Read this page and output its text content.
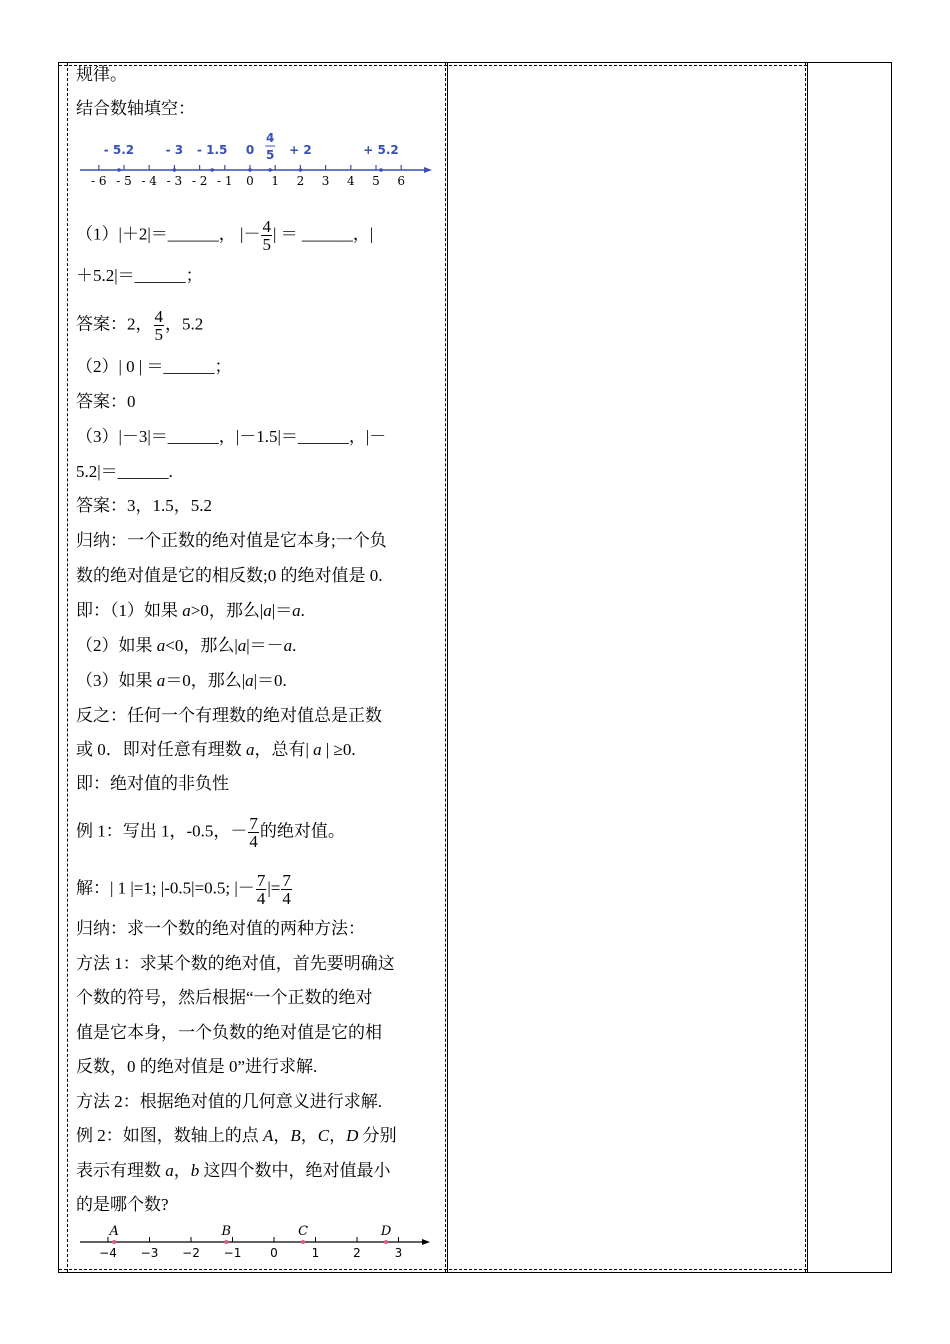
规律。
结合数轴填空：
- 6 - 5 - 4 - 3 - 2 - 1 0 1 2 3 4 5 6
- 5.2	- 3 - 1.5 0	+ 2	+ 5.2
4
5
（1）|＋2|＝______， |－ $\frac{4}{5}$ | ＝ ______，|
＋5.2|＝______；
答案：2， $\frac{4}{5}$ ，5.2
（2）| 0 | ＝______；
答案：0
（3）|－3|＝______，|－1.5|＝______，|－
5.2|＝______.
答案：3，1.5，5.2
归纳：一个正数的绝对值是它本身;一个负
数的绝对值是它的相反数;0 的绝对值是 0.
即：（1）如果 a>0，那么|a|＝a.
（2）如果 a<0，那么|a|＝－a.
（3）如果 a＝0，那么|a|＝0.
反之：任何一个有理数的绝对值总是正数
或 0．即对任意有理数 a，总有| a | ≥0.
即：绝对值的非负性
例 1：写出 1，-0.5，－ $\frac{7}{4}$ 的绝对值。
解：| 1 |=1; |-0.5|=0.5; |－ $\frac{7}{4}$ |= $\frac{7}{4}$
归纳：求一个数的绝对值的两种方法：
方法 1：求某个数的绝对值，首先要明确这
个数的符号，然后根据“一个正数的绝对
值是它本身，一个负数的绝对值是它的相
反数，0 的绝对值是 0”进行求解.
方法 2：根据绝对值的几何意义进行求解.
例 2：如图，数轴上的点 A，B，C，D 分别
表示有理数 a，b 这四个数中，绝对值最小
的是哪个数?
−4 −3 −2 −1 0	1	2	3
A	B	C	D
